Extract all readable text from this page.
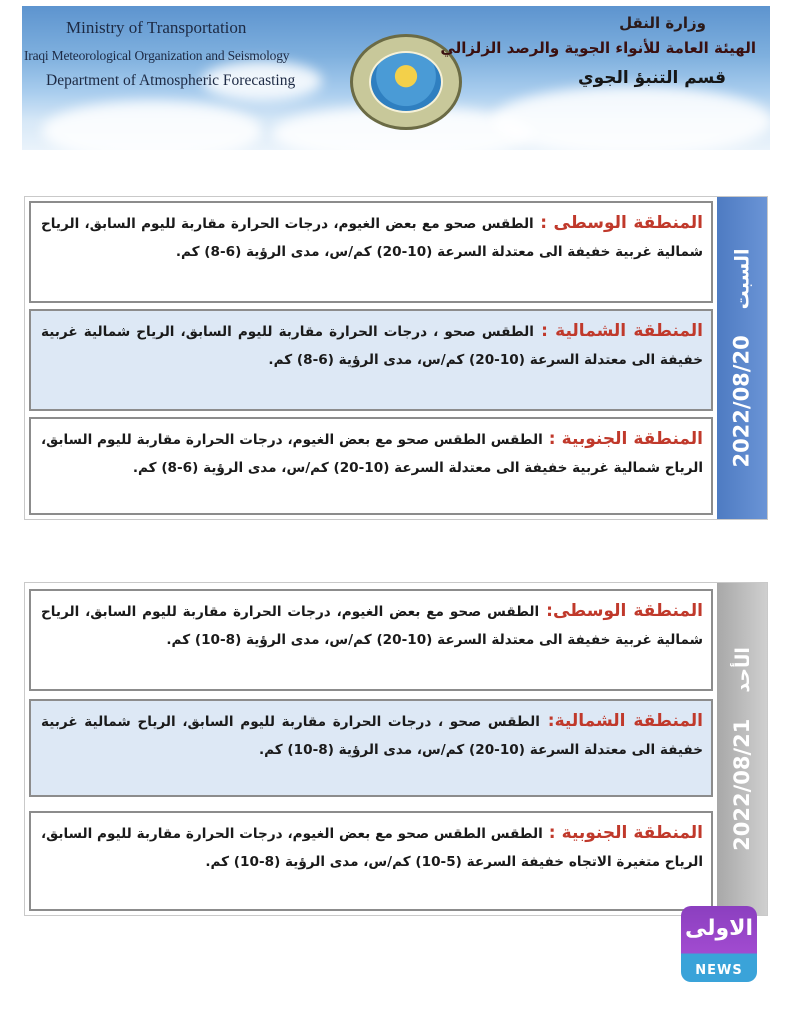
Ministry of Transportation
Iraqi Meteorological Organization and Seismology
Department of Atmospheric Forecasting
وزارة النقل
الهيئة العامة للأنواء الجوية والرصد الزلزالي
قسم التنبؤ الجوي
المنطقة الوسطى : الطقس صحو مع بعض الغيوم، درجات الحرارة مقاربة لليوم السابق، الرياح شمالية غربية خفيفة الى معتدلة السرعة (10-20) كم/س، مدى الرؤية (6-8) كم.
المنطقة الشمالية : الطقس صحو ، درجات الحرارة مقاربة لليوم السابق، الرياح شمالية غربية خفيفة الى معتدلة السرعة (10-20) كم/س، مدى الرؤية (6-8) كم.
المنطقة الجنوبية : الطقس الطقس صحو مع بعض الغيوم، درجات الحرارة مقاربة لليوم السابق، الرياح شمالية غربية خفيفة الى معتدلة السرعة (10-20) كم/س، مدى الرؤية (6-8) كم.
2022/08/20السبت
المنطقة الوسطى: الطقس صحو مع بعض الغيوم، درجات الحرارة مقاربة لليوم السابق، الرياح شمالية غربية خفيفة الى معتدلة السرعة (10-20) كم/س، مدى الرؤية (8-10) كم.
المنطقة الشمالية: الطقس صحو ، درجات الحرارة مقاربة لليوم السابق، الرياح شمالية غربية خفيفة الى معتدلة السرعة (10-20) كم/س، مدى الرؤية (8-10) كم.
المنطقة الجنوبية : الطقس الطقس صحو مع بعض الغيوم، درجات الحرارة مقاربة لليوم السابق، الرياح متغيرة الاتجاه خفيفة السرعة (5-10) كم/س، مدى الرؤية (8-10) كم.
2022/08/21الأحد
الاولى
NEWS
